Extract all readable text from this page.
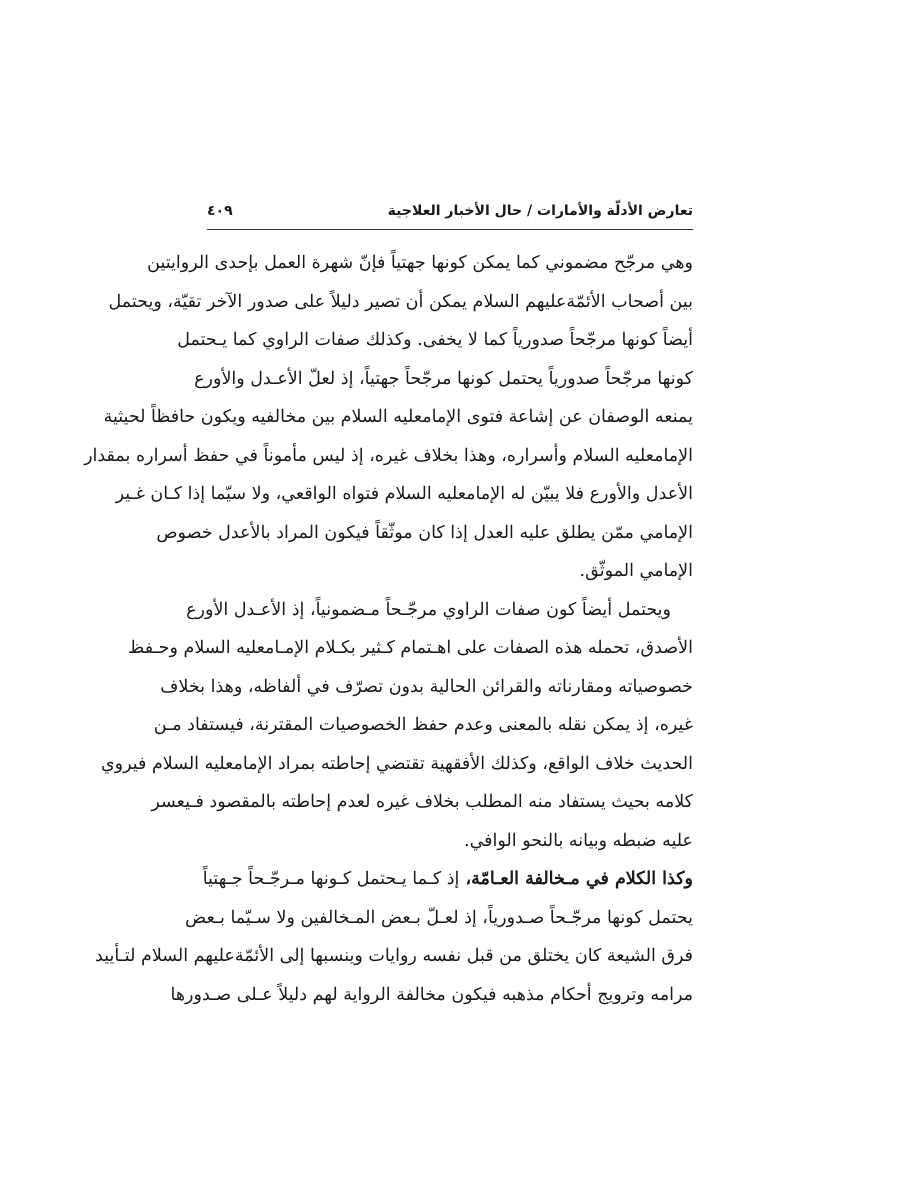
تعارض الأدلّة والأمارات / حال الأخبار العلاجية
٤٠٩
وهي مرجّح مضموني كما يمكن كونها جهتياً فإنّ شهرة العمل بإحدى الروايتين
بين أصحاب الأئمّةعليهم السلام يمكن أن تصير دليلاً على صدور الآخر تقيّة، ويحتمل
أيضاً كونها مرجّحاً صدورياً كما لا يخفى. وكذلك صفات الراوي كما يـحتمل
كونها مرجّحاً صدورياً يحتمل كونها مرجّحاً جهتياً، إذ لعلّ الأعـدل والأورع
يمنعه الوصفان عن إشاعة فتوى الإمامعليه السلام بين مخالفيه ويكون حافظاً لحيثية
الإمامعليه السلام وأسراره، وهذا بخلاف غيره، إذ ليس مأموناً في حفظ أسراره بمقدار
الأعدل والأورع فلا يبيّن له الإمامعليه السلام فتواه الواقعي، ولا سيّما إذا كـان غـير
الإمامي ممّن يطلق عليه العدل إذا كان موثّقاً فيكون المراد بالأعدل خصوص
الإمامي الموثّق.
ويحتمل أيضاً كون صفات الراوي مرجّـحاً مـضمونياً، إذ الأعـدل الأورع
الأصدق، تحمله هذه الصفات على اهـتمام كـثير بكـلام الإمـامعليه السلام وحـفظ
خصوصياته ومقارناته والقرائن الحالية بدون تصرّف في ألفاظه، وهذا بخلاف
غيره، إذ يمكن نقله بالمعنى وعدم حفظ الخصوصيات المقترنة، فيستفاد مـن
الحديث خلاف الواقع، وكذلك الأفقهية تقتضي إحاطته بمراد الإمامعليه السلام فيروي
كلامه بحيث يستفاد منه المطلب بخلاف غيره لعدم إحاطته بالمقصود فـيعسر
عليه ضبطه وبيانه بالنحو الوافي.
وكذا الكلام في مـخالفة العـامّة، إذ كـما يـحتمل كـونها مـرجّـحاً جـهتياً
يحتمل كونها مرجّـحاً صـدورياً، إذ لعـلّ بـعض المـخالفين ولا سـيّما بـعض
فرق الشيعة كان يختلق من قبل نفسه روايات وينسبها إلى الأئمّةعليهم السلام لتـأييد
مرامه وترويج أحكام مذهبه فيكون مخالفة الرواية لهم دليلاً عـلى صـدورها
